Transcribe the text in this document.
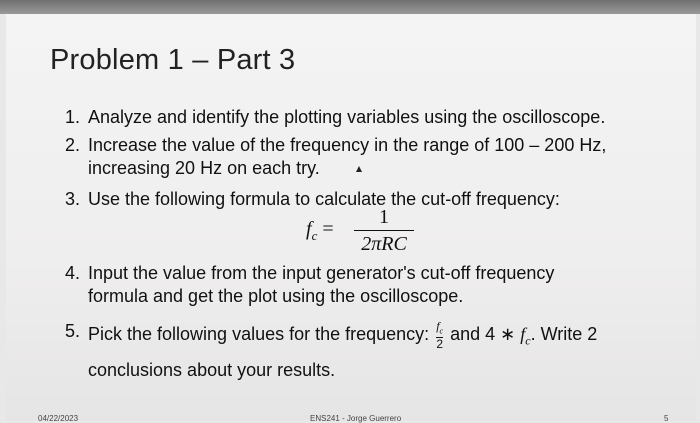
Problem 1 – Part 3
1. Analyze and identify the plotting variables using the oscilloscope.
2. Increase the value of the frequency in the range of 100 – 200 Hz,
increasing 20 Hz on each try.
3. Use the following formula to calculate the cut-off frequency:
$f_c$ =
1
2πRC
4. Input the value from the input generator's cut-off frequency
formula and get the plot using the oscilloscope.
5. Pick the following values for the frequency: $\frac{f_c}{2}$ and 4 ∗ $f_c$. Write 2
conclusions about your results.
04/22/2023	ENS241 - Jorge Guerrero	5
